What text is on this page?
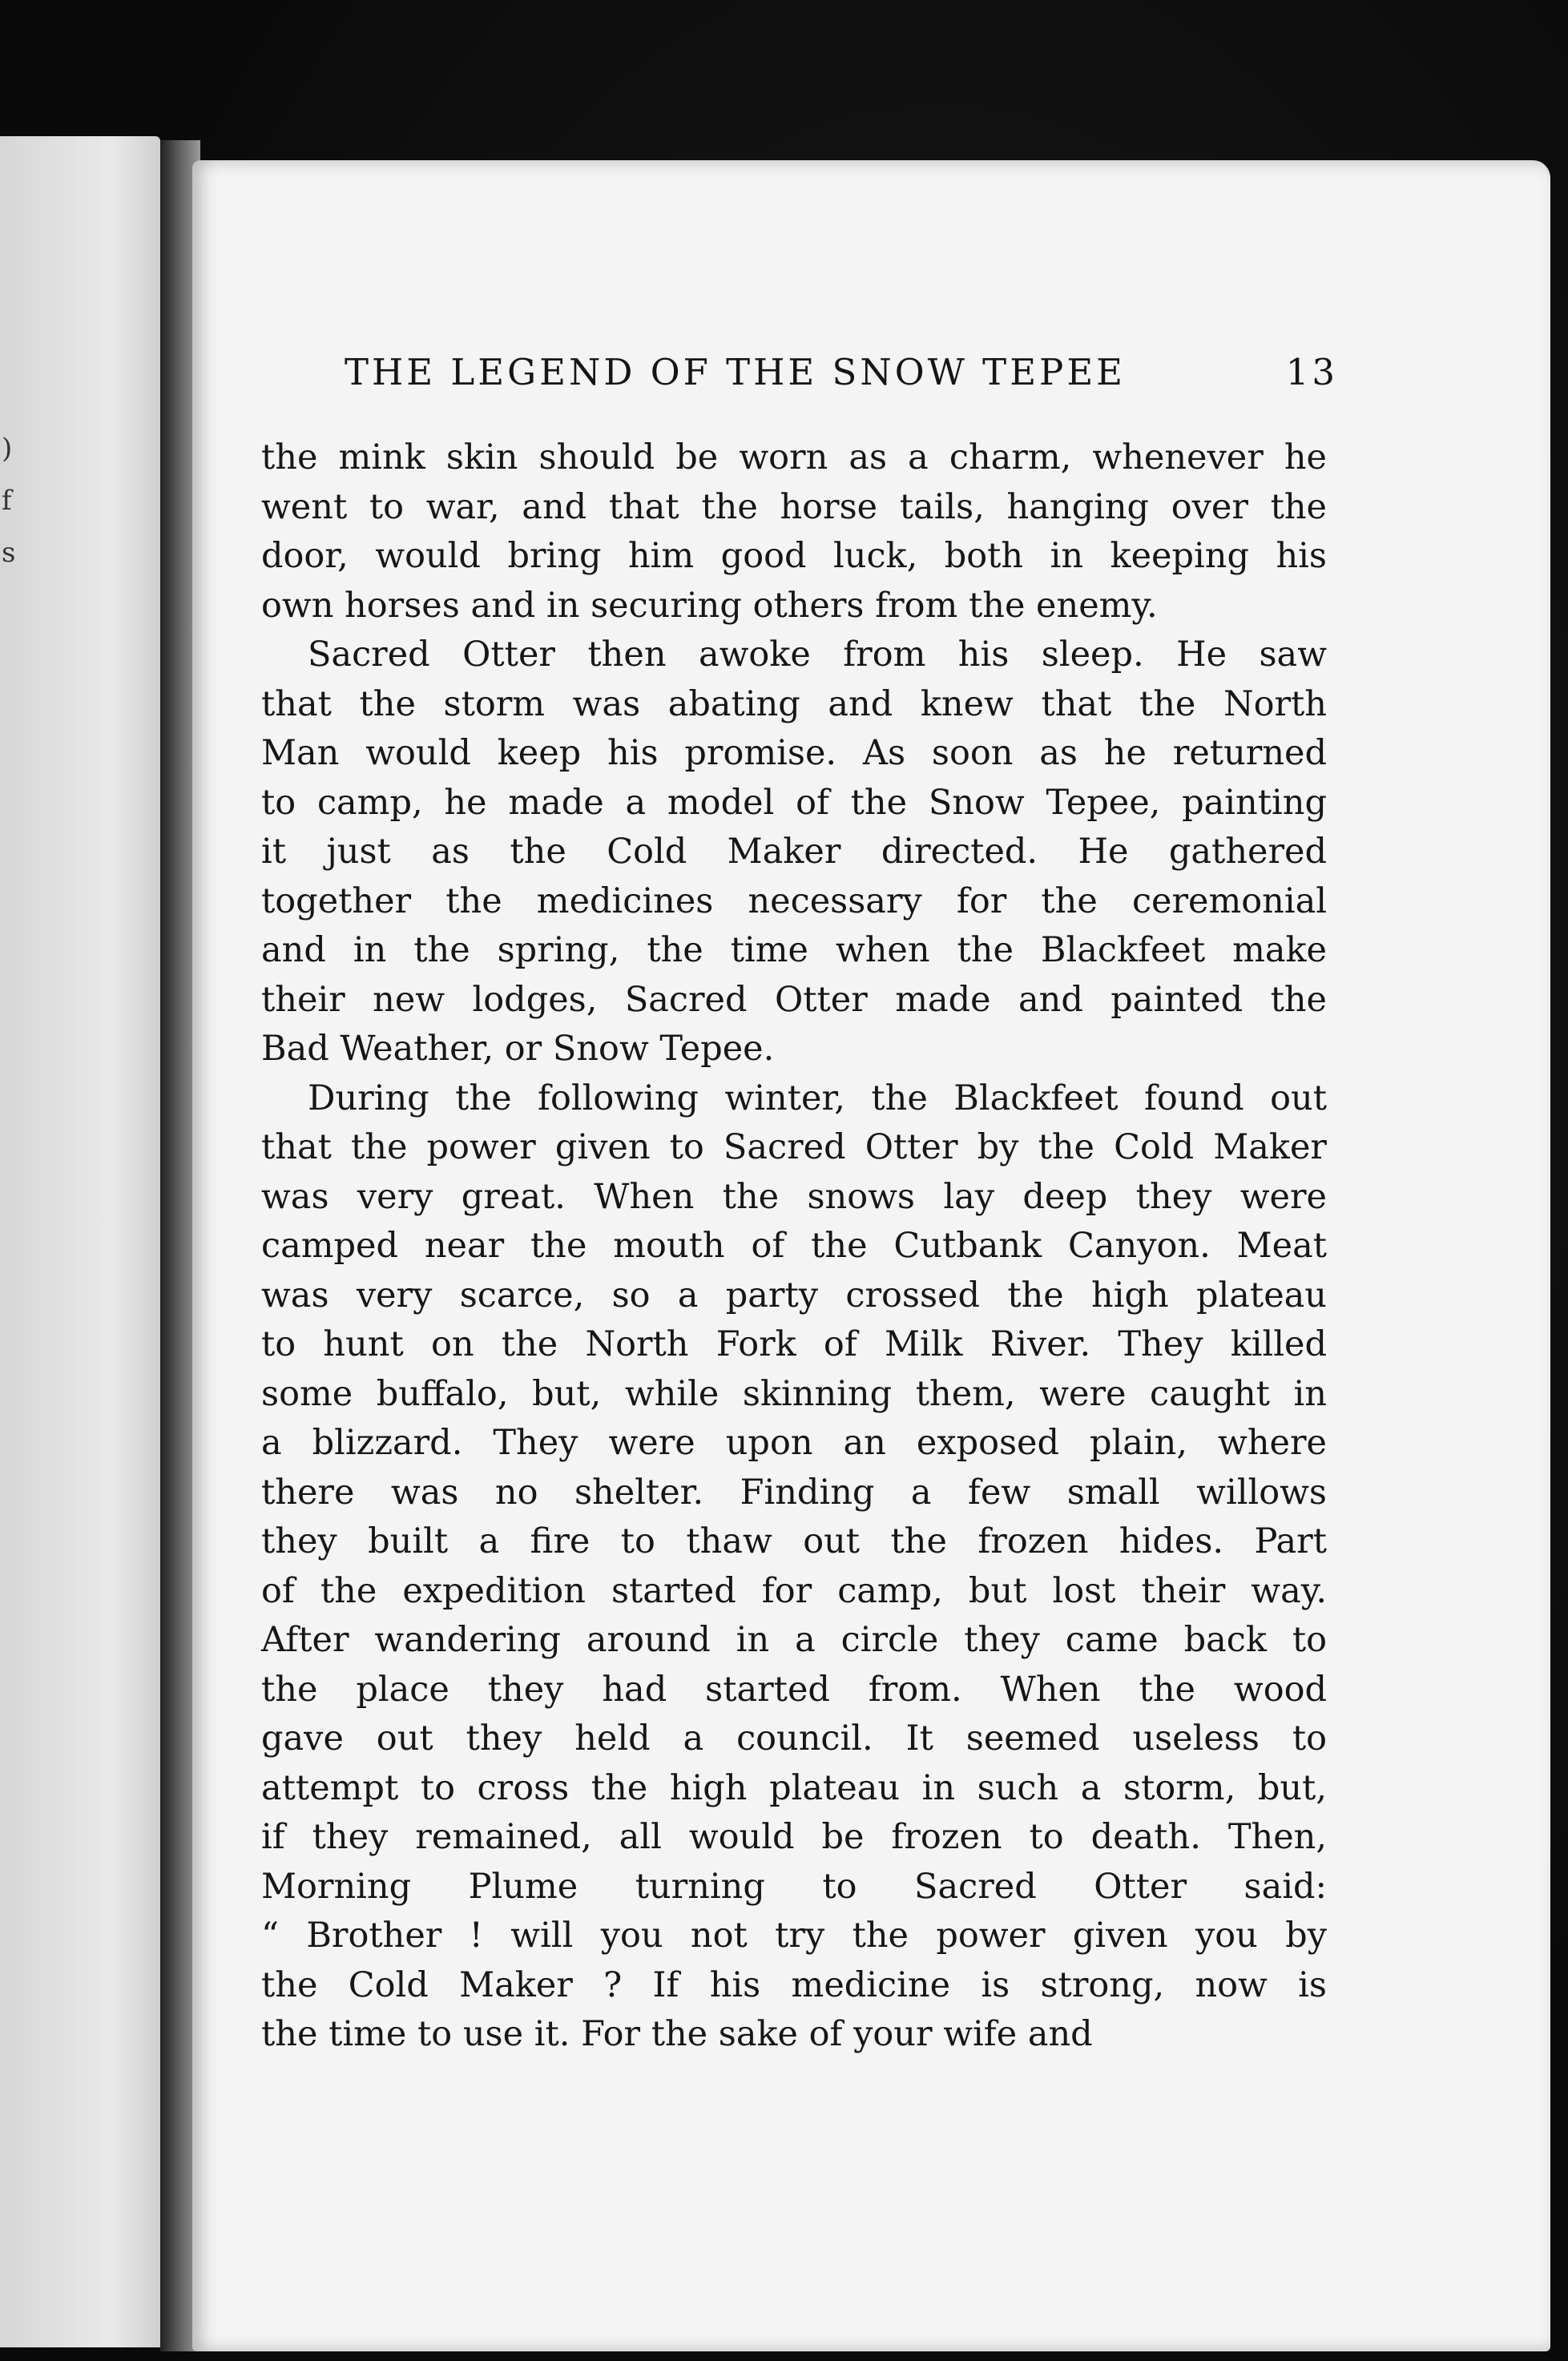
)
f
s
THE LEGEND OF THE SNOW TEPEE	13
the mink skin should be worn as a charm, whenever he
went to war, and that the horse tails, hanging over the
door, would bring him good luck, both in keeping his
own horses and in securing others from the enemy.
Sacred Otter then awoke from his sleep. He saw
that the storm was abating and knew that the North
Man would keep his promise. As soon as he returned
to camp, he made a model of the Snow Tepee, painting
it just as the Cold Maker directed. He gathered
together the medicines necessary for the ceremonial
and in the spring, the time when the Blackfeet make
their new lodges, Sacred Otter made and painted the
Bad Weather, or Snow Tepee.
During the following winter, the Blackfeet found out
that the power given to Sacred Otter by the Cold Maker
was very great. When the snows lay deep they were
camped near the mouth of the Cutbank Canyon. Meat
was very scarce, so a party crossed the high plateau
to hunt on the North Fork of Milk River. They killed
some buffalo, but, while skinning them, were caught in
a blizzard. They were upon an exposed plain, where
there was no shelter. Finding a few small willows
they built a fire to thaw out the frozen hides. Part
of the expedition started for camp, but lost their way.
After wandering around in a circle they came back to
the place they had started from. When the wood
gave out they held a council. It seemed useless to
attempt to cross the high plateau in such a storm, but,
if they remained, all would be frozen to death. Then,
Morning Plume turning to Sacred Otter said:
“ Brother ! will you not try the power given you by
the Cold Maker ? If his medicine is strong, now is
the time to use it. For the sake of your wife and
